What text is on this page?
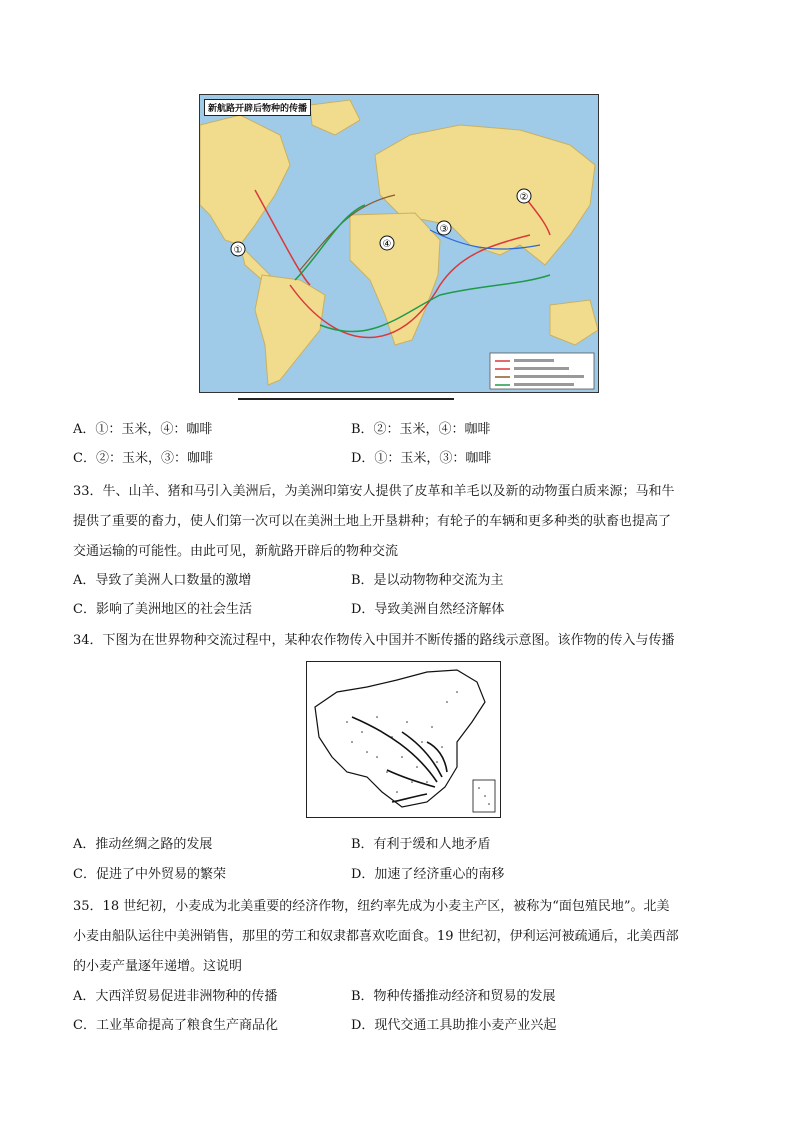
①
②
③
④
新航路开辟后物种的传播
A．①：玉米，④：咖啡	B．②：玉米，④：咖啡
C．②：玉米，③：咖啡	D．①：玉米，③：咖啡
33．牛、山羊、猪和马引入美洲后，为美洲印第安人提供了皮革和羊毛以及新的动物蛋白质来源；马和牛
提供了重要的畜力，使人们第一次可以在美洲土地上开垦耕种；有轮子的车辆和更多种类的驮畜也提高了
交通运输的可能性。由此可见，新航路开辟后的物种交流
A．导致了美洲人口数量的激增	B．是以动物物种交流为主
C．影响了美洲地区的社会生活	D．导致美洲自然经济解体
34．下图为在世界物种交流过程中，某种农作物传入中国并不断传播的路线示意图。该作物的传入与传播
A．推动丝绸之路的发展	B．有利于缓和人地矛盾
C．促进了中外贸易的繁荣	D．加速了经济重心的南移
35．18 世纪初，小麦成为北美重要的经济作物，纽约率先成为小麦主产区，被称为“面包殖民地”。北美
小麦由船队运往中美洲销售，那里的劳工和奴隶都喜欢吃面食。19 世纪初，伊利运河被疏通后，北美西部
的小麦产量逐年递增。这说明
A．大西洋贸易促进非洲物种的传播	B．物种传播推动经济和贸易的发展
C．工业革命提高了粮食生产商品化	D．现代交通工具助推小麦产业兴起
